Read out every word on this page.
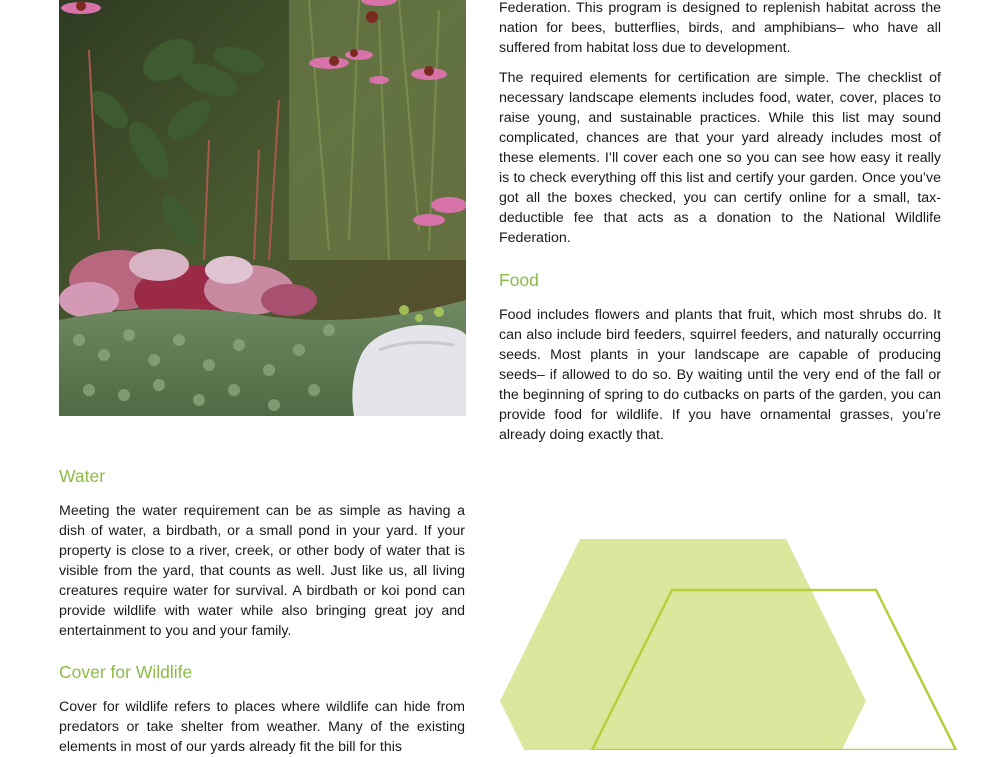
Federation. This program is designed to replenish habitat across the nation for bees, butterflies, birds, and amphibians– who have all suffered from habitat loss due to development.

The required elements for certification are simple. The checklist of necessary landscape elements includes food, water, cover, places to raise young, and sustainable practices. While this list may sound complicated, chances are that your yard already includes most of these elements. I’ll cover each one so you can see how easy it really is to check everything off this list and certify your garden. Once you’ve got all the boxes checked, you can certify online for a small, tax-deductible fee that acts as a donation to the National Wildlife Federation.

Food

Food includes flowers and plants that fruit, which most shrubs do. It can also include bird feeders, squirrel feeders, and naturally occurring seeds. Most plants in your landscape are capable of producing seeds– if allowed to do so. By waiting until the very end of the fall or the beginning of spring to do cutbacks on parts of the garden, you can provide food for wildlife. If you have ornamental grasses, you’re already doing exactly that.

Water

Meeting the water requirement can be as simple as having a dish of water, a birdbath, or a small pond in your yard. If your property is close to a river, creek, or other body of water that is visible from the yard, that counts as well. Just like us, all living creatures require water for survival. A birdbath or koi pond can provide wildlife with water while also bringing great joy and entertainment to you and your family.

Cover for Wildlife

Cover for wildlife refers to places where wildlife can hide from predators or take shelter from weather. Many of the existing elements in most of our yards already fit the bill for this
